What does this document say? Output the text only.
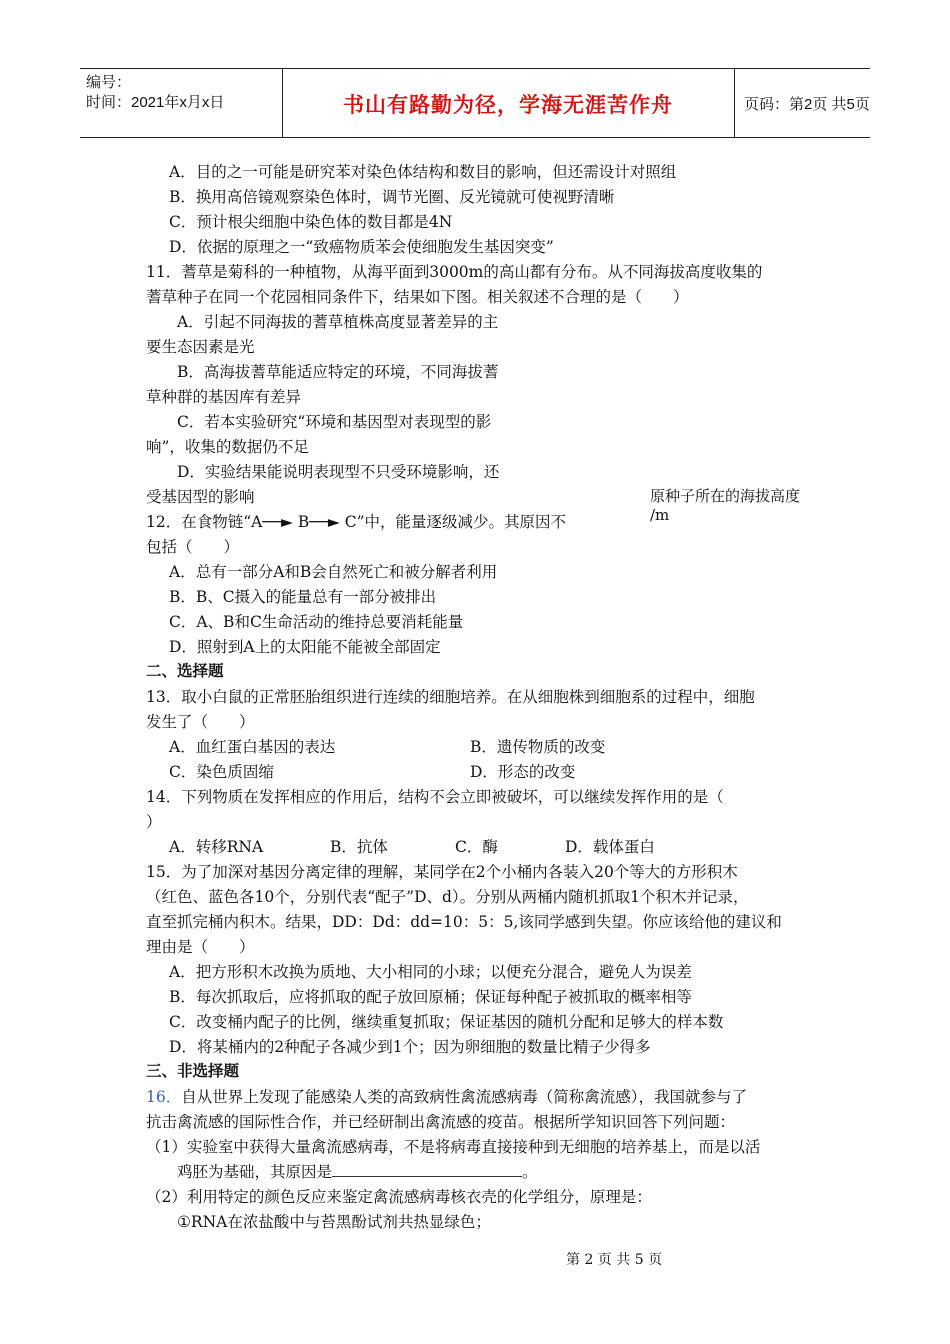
编号：
时间：2021年x月x日	书山有路勤为径，学海无涯苦作舟	页码：第2页 共5页
A．目的之一可能是研究苯对染色体结构和数目的影响，但还需设计对照组
B．换用高倍镜观察染色体时，调节光圈、反光镜就可使视野清晰
C．预计根尖细胞中染色体的数目都是4N
D．依据的原理之一“致癌物质苯会使细胞发生基因突变”
11．蓍草是菊科的一种植物，从海平面到3000m的高山都有分布。从不同海拔高度收集的
蓍草种子在同一个花园相同条件下，结果如下图。相关叙述不合理的是（　　）
A．引起不同海拔的蓍草植株高度显著差异的主
要生态因素是光
B．高海拔蓍草能适应特定的环境，不同海拔蓍
草种群的基因库有差异
C．若本实验研究“环境和基因型对表现型的影
响”，收集的数据仍不足
D．实验结果能说明表现型不只受环境影响，还
受基因型的影响	原种子所在的海拔高度
/m
12．在食物链“A──► B──► C”中，能量逐级减少。其原因不
包括（　　）
A．总有一部分A和B会自然死亡和被分解者利用
B．B、C摄入的能量总有一部分被排出
C．A、B和C生命活动的维持总要消耗能量
D．照射到A上的太阳能不能被全部固定
二、选择题
13．取小白鼠的正常胚胎组织进行连续的细胞培养。在从细胞株到细胞系的过程中，细胞
发生了（　　）
A．血红蛋白基因的表达	B．遗传物质的改变
C．染色质固缩	D．形态的改变
14．下列物质在发挥相应的作用后，结构不会立即被破坏，可以继续发挥作用的是（
）
A．转移RNA	B．抗体	C．酶	D．载体蛋白
15．为了加深对基因分离定律的理解，某同学在2个小桶内各装入20个等大的方形积木
（红色、蓝色各10个，分别代表“配子”D、d）。分别从两桶内随机抓取1个积木并记录，
直至抓完桶内积木。结果，DD：Dd：dd=10：5：5,该同学感到失望。你应该给他的建议和
理由是（　　）
A．把方形积木改换为质地、大小相同的小球；以便充分混合，避免人为误差
B．每次抓取后，应将抓取的配子放回原桶；保证每种配子被抓取的概率相等
C．改变桶内配子的比例，继续重复抓取；保证基因的随机分配和足够大的样本数
D．将某桶内的2种配子各减少到1个；因为卵细胞的数量比精子少得多
三、非选择题
16．自从世界上发现了能感染人类的高致病性禽流感病毒（简称禽流感），我国就参与了
抗击禽流感的国际性合作，并已经研制出禽流感的疫苗。根据所学知识回答下列问题：
（1）实验室中获得大量禽流感病毒，不是将病毒直接接种到无细胞的培养基上，而是以活
鸡胚为基础，其原因是	。
（2）利用特定的颜色反应来鉴定禽流感病毒核衣壳的化学组分，原理是：
①RNA在浓盐酸中与苔黑酚试剂共热显绿色；
第 2 页 共 5 页
